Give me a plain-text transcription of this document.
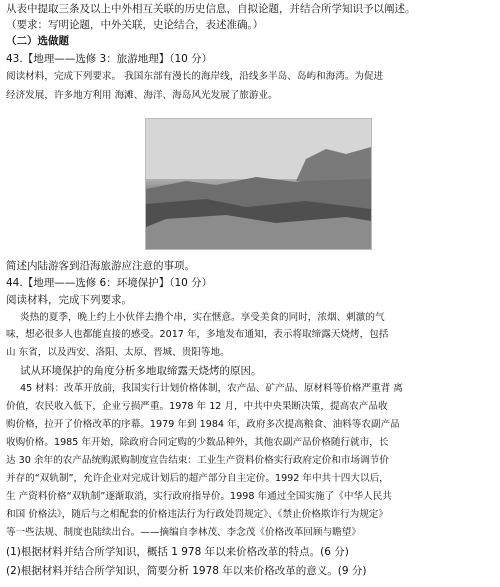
从表中提取三条及以上中外相互关联的历史信息，自拟论题，并结合所学知识予以阐述。
（要求：写明论题，中外关联，史论结合，表述准确。）
（二）选做题
43.【地理——选修 3：旅游地理】（10 分）
阅读材料，完成下列要求。 我国东部有漫长的海岸线，沿线多半岛、岛屿和海湾。为促进
经济发展，许多地方利用 海滩、海洋、海岛风光发展了旅游业。
简述内陆游客到沿海旅游应注意的事项。
44.【地理——选修 6：环境保护】（10 分）
阅读材料，完成下列要求。
炎热的夏季，晚上约上小伙伴去撸个串，实在惬意。享受美食的同时，浓烟、刺激的气
味，想必很多人也都能直接的感受。2017 年，多地发布通知，表示将取缔露天烧烤，包括
山 东省，以及西安、洛阳、太原、晋城、贵阳等地。
试从环境保护的角度分析多地取缔露天烧烤的原因。
45 材料：改革开放前，我国实行计划价格体制，农产品、矿产品、原材料等价格严重背 离
价值，农民收入低下，企业亏损严重。1978 年 12 月，中共中央果断决策，提高农产品收
购价格，拉开了价格改革的序幕。1979 年到 1984 年，政府多次提高粮食、油料等农副产品
收购价格。1985 年开始，除政府合同定购的少数品种外，其他农副产品价格随行就市，长
达 30 余年的农产品统购派购制度宣告结束：工业生产资料价格实行政府定价和市场调节价
并存的“双轨制”，允许企业对完成计划后的超产部分自主定价。1992 年中共十四大以后，
生 产资料价格“双轨制”逐渐取消，实行政府指导价。1998 年通过全国实施了《中华人民共
和国 价格法》，随后与之相配套的价格违法行为行政处罚规定》、《禁止价格欺诈行为规定》
等一些法规、制度也陆续出台。——摘编自李林茂、李念茂《价格改革回顾与瞻望》
(1)根据材料并结合所学知识，概括 1 978 年以来价格改革的特点。(6 分)
(2)根据材料并结合所学知识，简要分析 1978 年以来价格改革的意义。(9 分)
